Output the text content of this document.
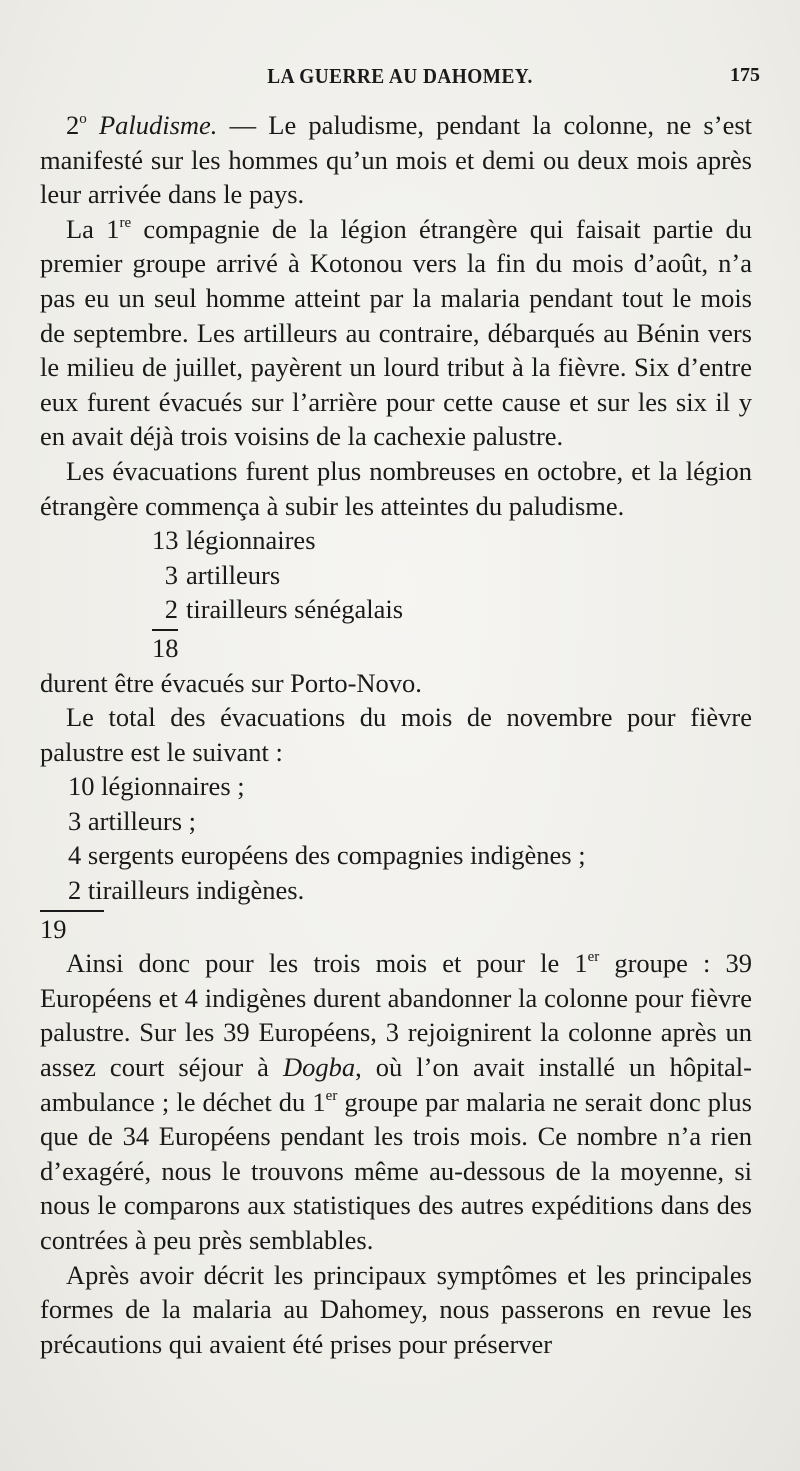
LA GUERRE AU DAHOMEY.	175

2$^o$ Paludisme. — Le paludisme, pendant la colonne, ne s’est manifesté sur les hommes qu’un mois et demi ou deux mois après leur arrivée dans le pays.

La 1re compagnie de la légion étrangère qui faisait partie du premier groupe arrivé à Kotonou vers la fin du mois d’août, n’a pas eu un seul homme atteint par la malaria pendant tout le mois de septembre. Les artilleurs au contraire, débarqués au Bénin vers le milieu de juillet, payèrent un lourd tribut à la fièvre. Six d’entre eux furent évacués sur l’arrière pour cette cause et sur les six il y en avait déjà trois voisins de la cachexie palustre.

Les évacuations furent plus nombreuses en octobre, et la légion étrangère commença à subir les atteintes du paludisme.

13 légionnaires
3 artilleurs
2 tirailleurs sénégalais
18

durent être évacués sur Porto-Novo.

Le total des évacuations du mois de novembre pour fièvre palustre est le suivant :

10 légionnaires ;
3 artilleurs ;
4 sergents européens des compagnies indigènes ;
2 tirailleurs indigènes.
19

Ainsi donc pour les trois mois et pour le 1er groupe : 39 Européens et 4 indigènes durent abandonner la colonne pour fièvre palustre. Sur les 39 Européens, 3 rejoignirent la colonne après un assez court séjour à Dogba, où l’on avait installé un hôpital-ambulance ; le déchet du 1er groupe par malaria ne serait donc plus que de 34 Européens pendant les trois mois. Ce nombre n’a rien d’exagéré, nous le trouvons même au-dessous de la moyenne, si nous le comparons aux statistiques des autres expéditions dans des contrées à peu près semblables.

Après avoir décrit les principaux symptômes et les principales formes de la malaria au Dahomey, nous passerons en revue les précautions qui avaient été prises pour préserver
